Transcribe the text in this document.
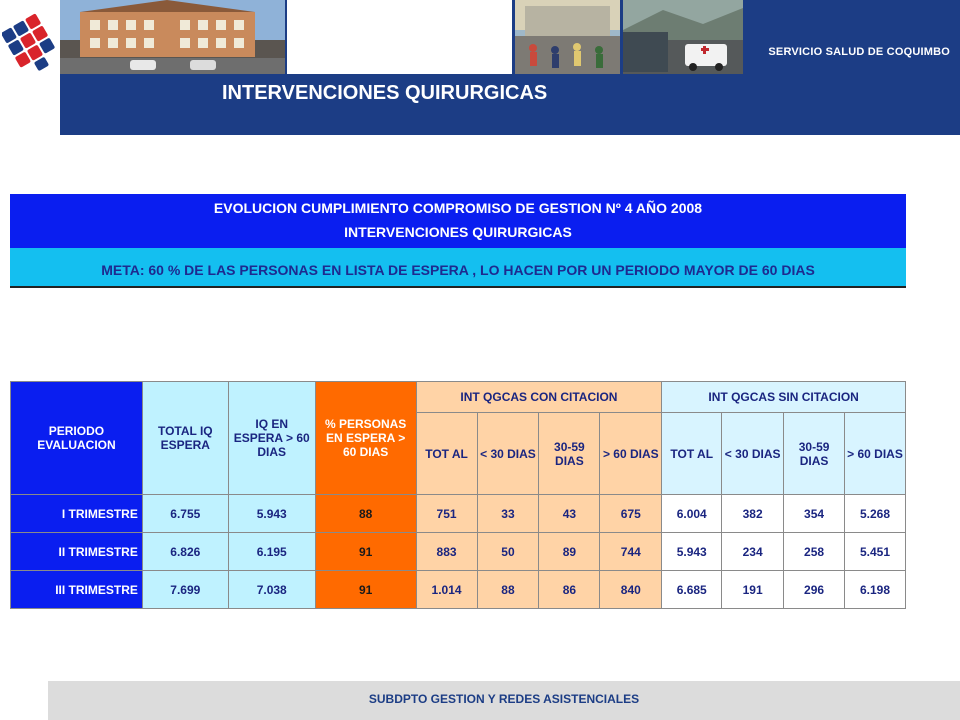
SERVICIO SALUD DE COQUIMBO
INTERVENCIONES QUIRURGICAS
EVOLUCION CUMPLIMIENTO COMPROMISO DE GESTION Nº 4 AÑO 2008
INTERVENCIONES QUIRURGICAS
META: 60 % DE LAS PERSONAS EN LISTA DE ESPERA , LO HACEN POR UN PERIODO MAYOR DE 60 DIAS
PERIODO EVALUACION	TOTAL IQ ESPERA	IQ EN ESPERA > 60 DIAS	% PERSONAS EN ESPERA > 60 DIAS	INT QGCAS CON CITACION				INT QGCAS SIN CITACION			
				TOT AL	< 30 DIAS	30-59 DIAS	> 60 DIAS	TOT AL	< 30 DIAS	30-59 DIAS	> 60 DIAS
I TRIMESTRE	6.755	5.943	88	751	33	43	675	6.004	382	354	5.268
II TRIMESTRE	6.826	6.195	91	883	50	89	744	5.943	234	258	5.451
III TRIMESTRE	7.699	7.038	91	1.014	88	86	840	6.685	191	296	6.198
SUBDPTO GESTION Y REDES ASISTENCIALES
